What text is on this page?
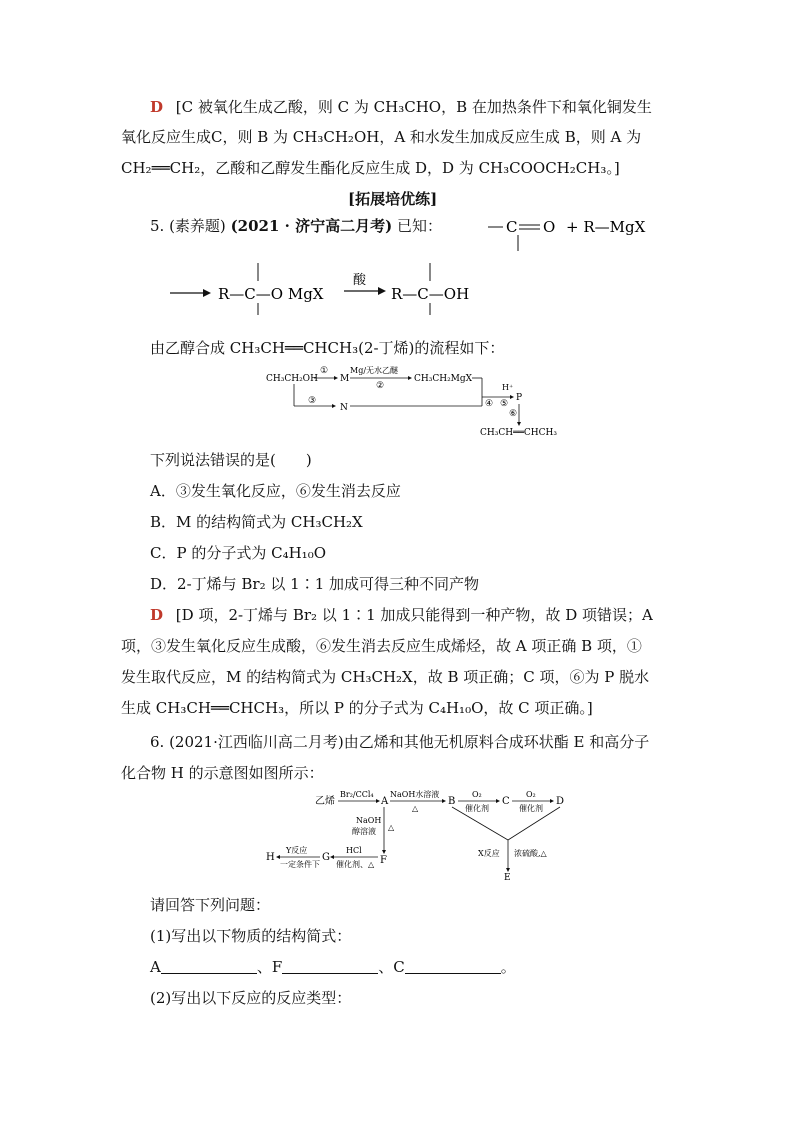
D [C 被氧化生成乙酸，则 C 为 CH₃CHO，B 在加热条件下和氧化铜发生
氧化反应生成C，则 B 为 CH₃CH₂OH，A 和水发生加成反应生成 B，则 A 为
CH₂══CH₂，乙酸和乙醇发生酯化反应生成 D，D 为 CH₃COOCH₂CH₃。]
[拓展培优练]
5. (素养题) (2021 · 济宁高二月考) 已知：	C O + R—MgX
R—C—O MgX
酸
R—C—OH
由乙醇合成 CH₃CH══CHCH₃(2-丁烯)的流程如下：
CH₃CH₂OH
①
M
Mg/无水乙醚
②
CH₃CH₂MgX
③
N	④
H⁺
⑤
P
⑥
CH₃CH══CHCH₃
下列说法错误的是(　　)
A．③发生氧化反应，⑥发生消去反应
B．M 的结构简式为 CH₃CH₂X
C．P 的分子式为 C₄H₁₀O
D．2-丁烯与 Br₂ 以 1∶1 加成可得三种不同产物
D [D 项，2-丁烯与 Br₂ 以 1∶1 加成只能得到一种产物，故 D 项错误；A
项，③发生氧化反应生成酸，⑥发生消去反应生成烯烃，故 A 项正确 B 项，①
发生取代反应，M 的结构简式为 CH₃CH₂X，故 B 项正确；C 项，⑥为 P 脱水
生成 CH₃CH══CHCH₃，所以 P 的分子式为 C₄H₁₀O，故 C 项正确。]
6. (2021·江西临川高二月考)由乙烯和其他无机原料合成环状酯 E 和高分子
化合物 H 的示意图如图所示：
乙烯
Br₂/CCl₄
A
NaOH水溶液
△
B
O₂
催化剂
C
O₂
催化剂
D
NaOH
醇溶液 △
F
HCl
催化剂、△
G
Y反应
一定条件下
H	X反应 浓硫酸,△
E
请回答下列问题：
(1)写出以下物质的结构简式：
A	、F	、C	。
(2)写出以下反应的反应类型：
